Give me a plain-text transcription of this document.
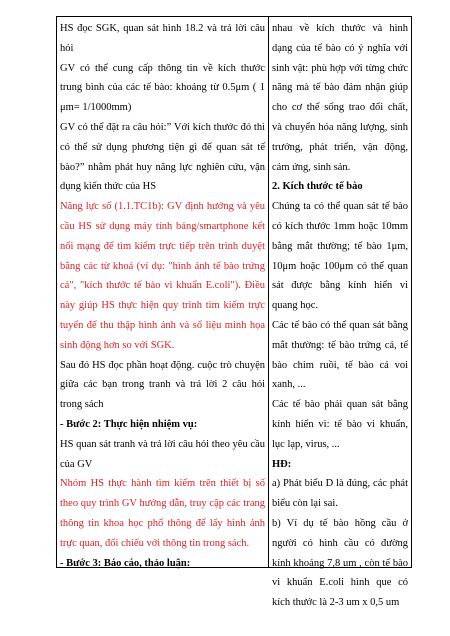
HS đọc SGK, quan sát hình 18.2 và trả lời câu hỏi

GV có thể cung cấp thông tin về kích thước trung bình của các tế bào: khoảng từ 0.5μm ( 1 μm= 1/1000mm)

GV có thể đặt ra câu hỏi:” Với kích thước đó thì có thể sử dụng phương tiện gì để quan sát tế bào?” nhằm phát huy năng lực nghiên cứu, vận dụng kiến thức của HS

Năng lực số (1.1.TC1b): GV định hướng và yêu cầu HS sử dụng máy tính bảng/smartphone kết nối mạng để tìm kiếm trực tiếp trên trình duyệt bằng các từ khoá (ví dụ: "hình ảnh tế bào trứng cá", "kích thước tế bào vi khuẩn E.coli"). Điều này giúp HS thực hiện quy trình tìm kiếm trực tuyến để thu thập hình ảnh và số liệu minh họa sinh động hơn so với SGK.

Sau đó HS đọc phần hoạt động. cuộc trò chuyện giữa các bạn trong tranh và trả lời 2 câu hỏi trong sách

- Bước 2: Thực hiện nhiệm vụ:

HS quan sát tranh và trả lời câu hỏi theo yêu cầu của GV

Nhóm HS thực hành tìm kiếm trên thiết bị số theo quy trình GV hướng dẫn, truy cập các trang thông tin khoa học phổ thông để lấy hình ảnh trực quan, đối chiếu với thông tin trong sách.

- Bước 3: Báo cáo, thảo luận:

nhau về kích thước và hình dạng của tế bào có ý nghĩa với sinh vật: phù hợp với từng chức năng mà tế bào đảm nhận giúp cho cơ thể sống trao đổi chất, và chuyển hóa năng lượng, sinh trưởng, phát triển, vận động, cảm ứng, sinh sản.

2. Kích thước tế bào

Chúng ta có thể quan sát tế bào có kích thước 1mm hoặc 10mm bằng mắt thường; tế bào 1μm, 10μm hoặc 100μm có thể quan sát được bằng kính hiển vi quang học.

Các tế bào có thể quan sát bằng mắt thường: tế bào trứng cá, tế bào chim ruồi, tế bào cá voi xanh, ...

Các tế bào phải quan sát bằng kính hiển vi: tế bào vi khuẩn, lục lạp, virus, ...

HĐ:

a) Phát biểu D là đúng, các phát biểu còn lại sai.

b) Ví dụ tế bào hồng cầu ở người có hình cầu có đường kính khoảng 7,8 um , còn tế bào vi khuẩn E.coli hình que có kích thước là 2-3 um x 0,5 um
